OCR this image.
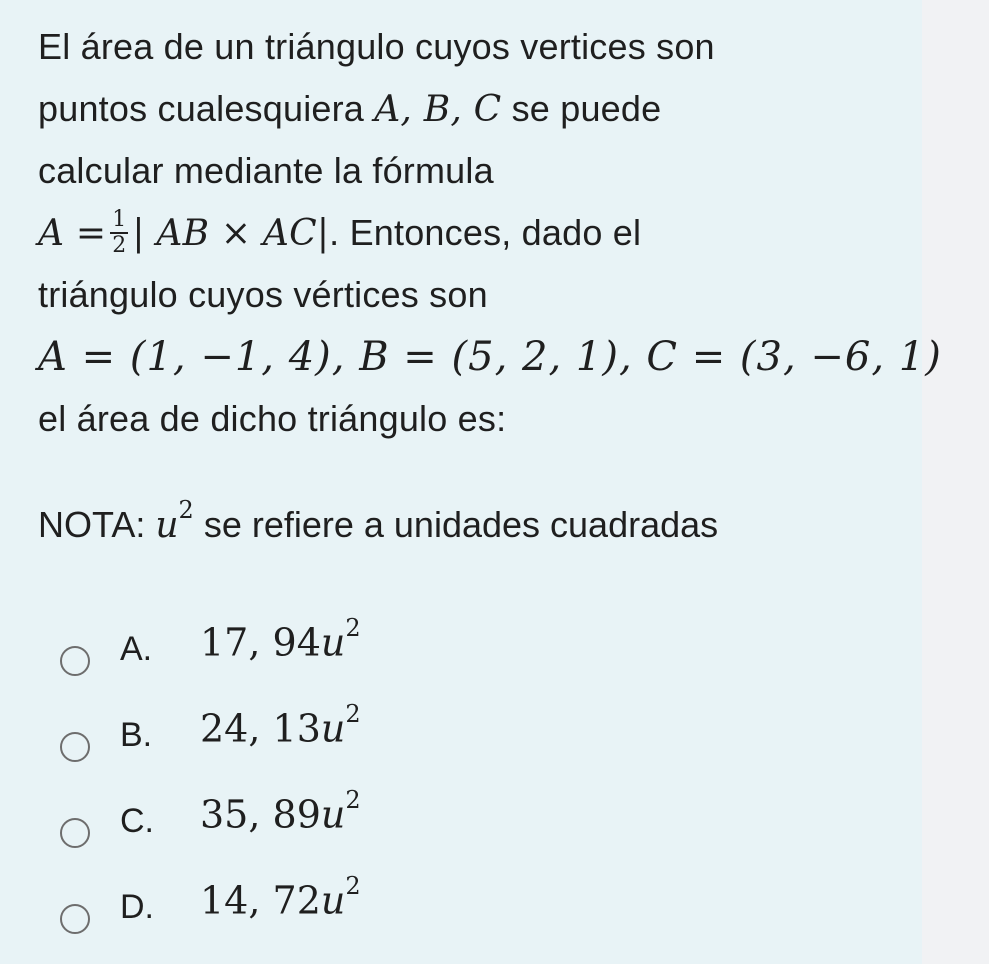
El área de un triángulo cuyos vertices son
puntos cualesquiera A, B, C se puede
calcular mediante la fórmula
$A = \frac{1}{2}$ | AB × AC|. Entonces, dado el
triángulo cuyos vértices son
A = (1, −1, 4), B = (5, 2, 1), C = (3, −6, 1)
el área de dicho triángulo es:
NOTA: $u^2$ se refiere a unidades cuadradas
A. 17, $94u^2$
B. 24, $13u^2$
C. 35, $89u^2$
D. 14, $72u^2$
